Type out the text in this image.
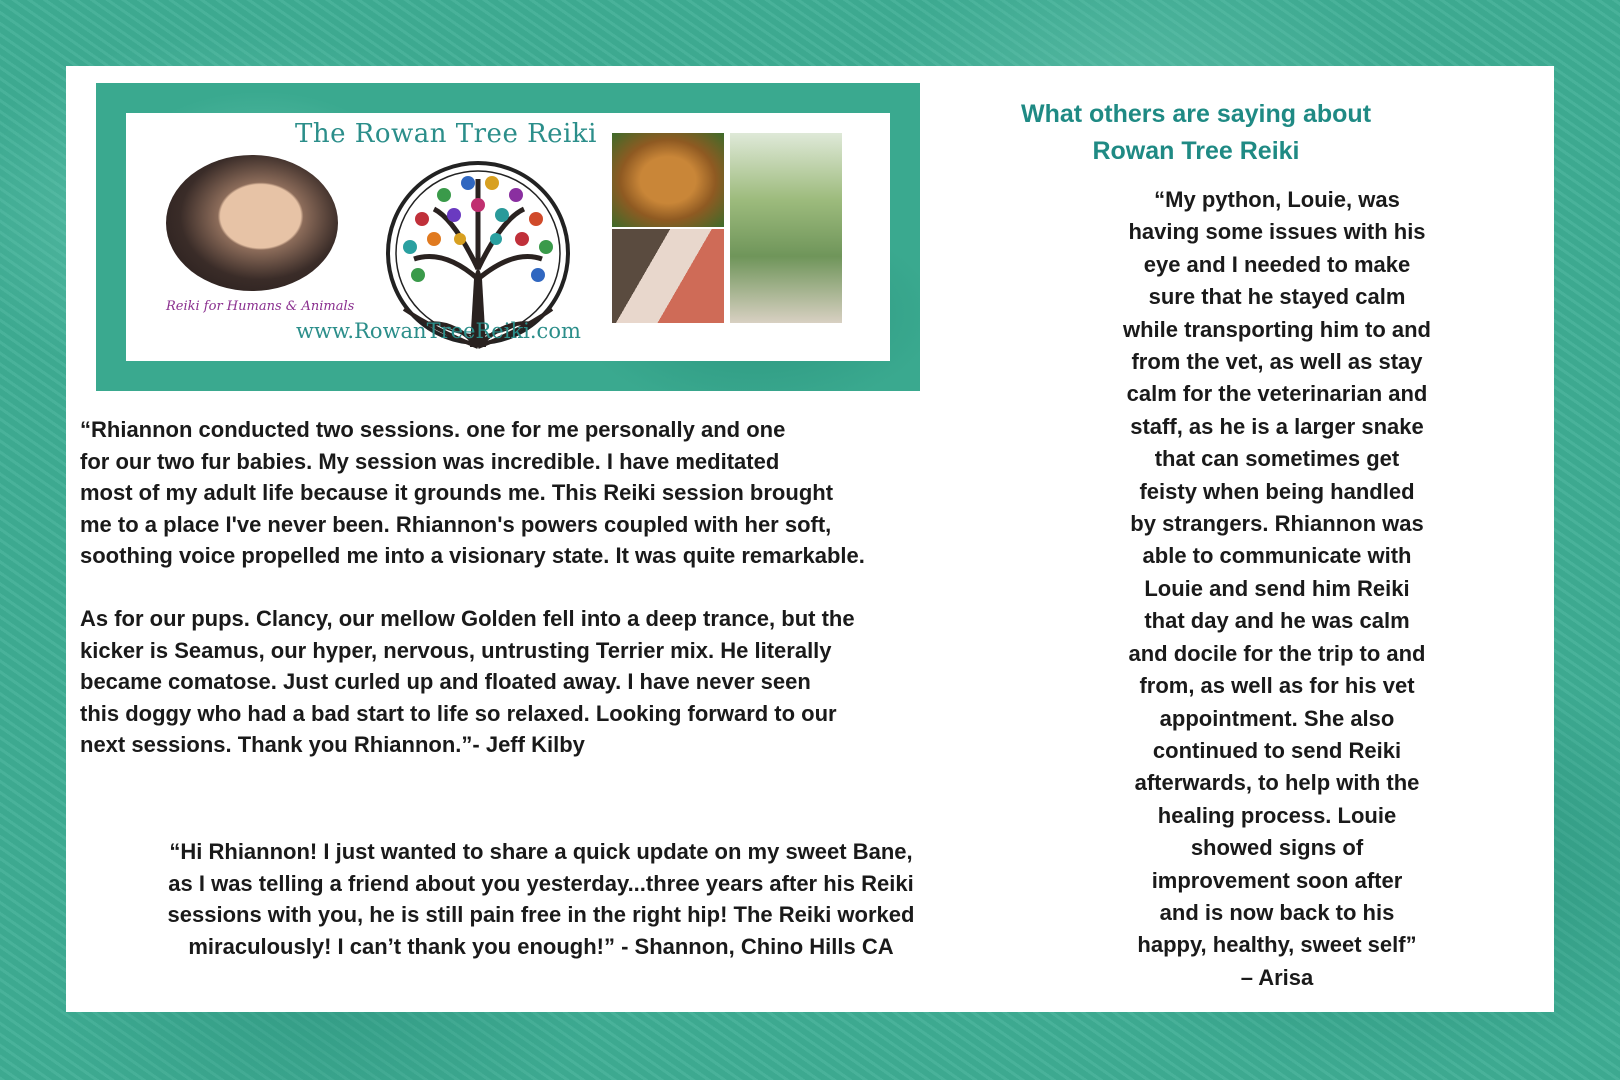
The Rowan Tree Reiki
Reiki for Humans & Animals
www.RowanTreeReiki.com
What others are saying about
Rowan Tree Reiki

“My python, Louie, was
having some issues with his
eye and I needed to make
sure that he stayed calm
while transporting him to and
from the vet, as well as stay
calm for the veterinarian and
staff, as he is a larger snake
that can sometimes get
feisty when being handled
by strangers. Rhiannon was
able to communicate with
Louie and send him Reiki
that day and he was calm
and docile for the trip to and
from, as well as for his vet
appointment. She also
continued to send Reiki
afterwards, to help with the
healing process. Louie
showed signs of
improvement soon after
and is now back to his
happy, healthy, sweet self”
– Arisa

“Rhiannon conducted two sessions. one for me personally and one
for our two fur babies. My session was incredible. I have meditated
most of my adult life because it grounds me. This Reiki session brought
me to a place I've never been. Rhiannon's powers coupled with her soft,
soothing voice propelled me into a visionary state. It was quite remarkable.

As for our pups. Clancy, our mellow Golden fell into a deep trance, but the
kicker is Seamus, our hyper, nervous, untrusting Terrier mix. He literally
became comatose. Just curled up and floated away. I have never seen
this doggy who had a bad start to life so relaxed. Looking forward to our
next sessions. Thank you Rhiannon.”- Jeff Kilby

“Hi Rhiannon! I just wanted to share a quick update on my sweet Bane,
as I was telling a friend about you yesterday...three years after his Reiki
sessions with you, he is still pain free in the right hip! The Reiki worked
miraculously! I can’t thank you enough!” - Shannon, Chino Hills CA
